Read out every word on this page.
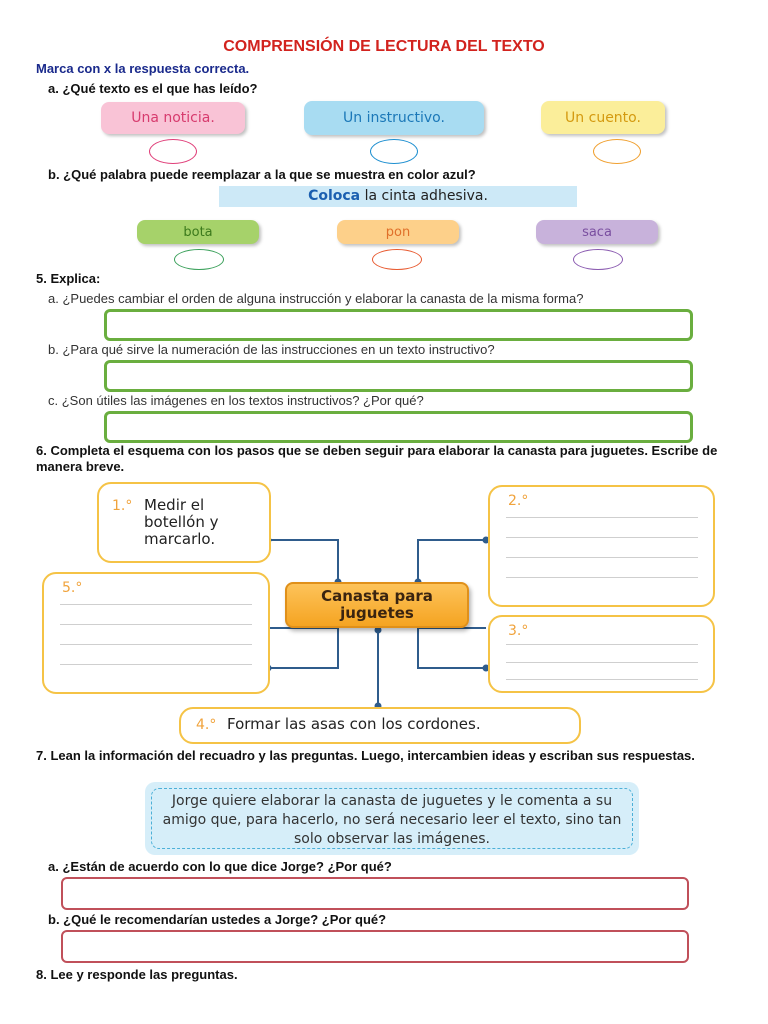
COMPRENSIÓN DE LECTURA DEL TEXTO
Marca con x la respuesta correcta.
a. ¿Qué texto es el que has leído?
Una noticia.	Un instructivo.	Un cuento.
b. ¿Qué palabra puede reemplazar a la que se muestra en color azul?
Coloca la cinta adhesiva.
bota	pon	saca
5. Explica:
a. ¿Puedes cambiar el orden de alguna instrucción y elaborar la canasta de la misma forma?
b. ¿Para qué sirve la numeración de las instrucciones en un texto instructivo?
c. ¿Son útiles las imágenes en los textos instructivos? ¿Por qué?
6. Completa el esquema con los pasos que se deben seguir para elaborar la canasta para juguetes. Escribe de manera breve.
1.° Medir el botellón y marcarlo.
2.°
5.°	Canasta para juguetes
3.°
4.° Formar las asas con los cordones.
7. Lean la información del recuadro y las preguntas. Luego, intercambien ideas y escriban sus respuestas.
Jorge quiere elaborar la canasta de juguetes y le comenta a su amigo que, para hacerlo, no será necesario leer el texto, sino tan solo observar las imágenes.
a. ¿Están de acuerdo con lo que dice Jorge? ¿Por qué?
b. ¿Qué le recomendarían ustedes a Jorge? ¿Por qué?
8. Lee y responde las preguntas.
